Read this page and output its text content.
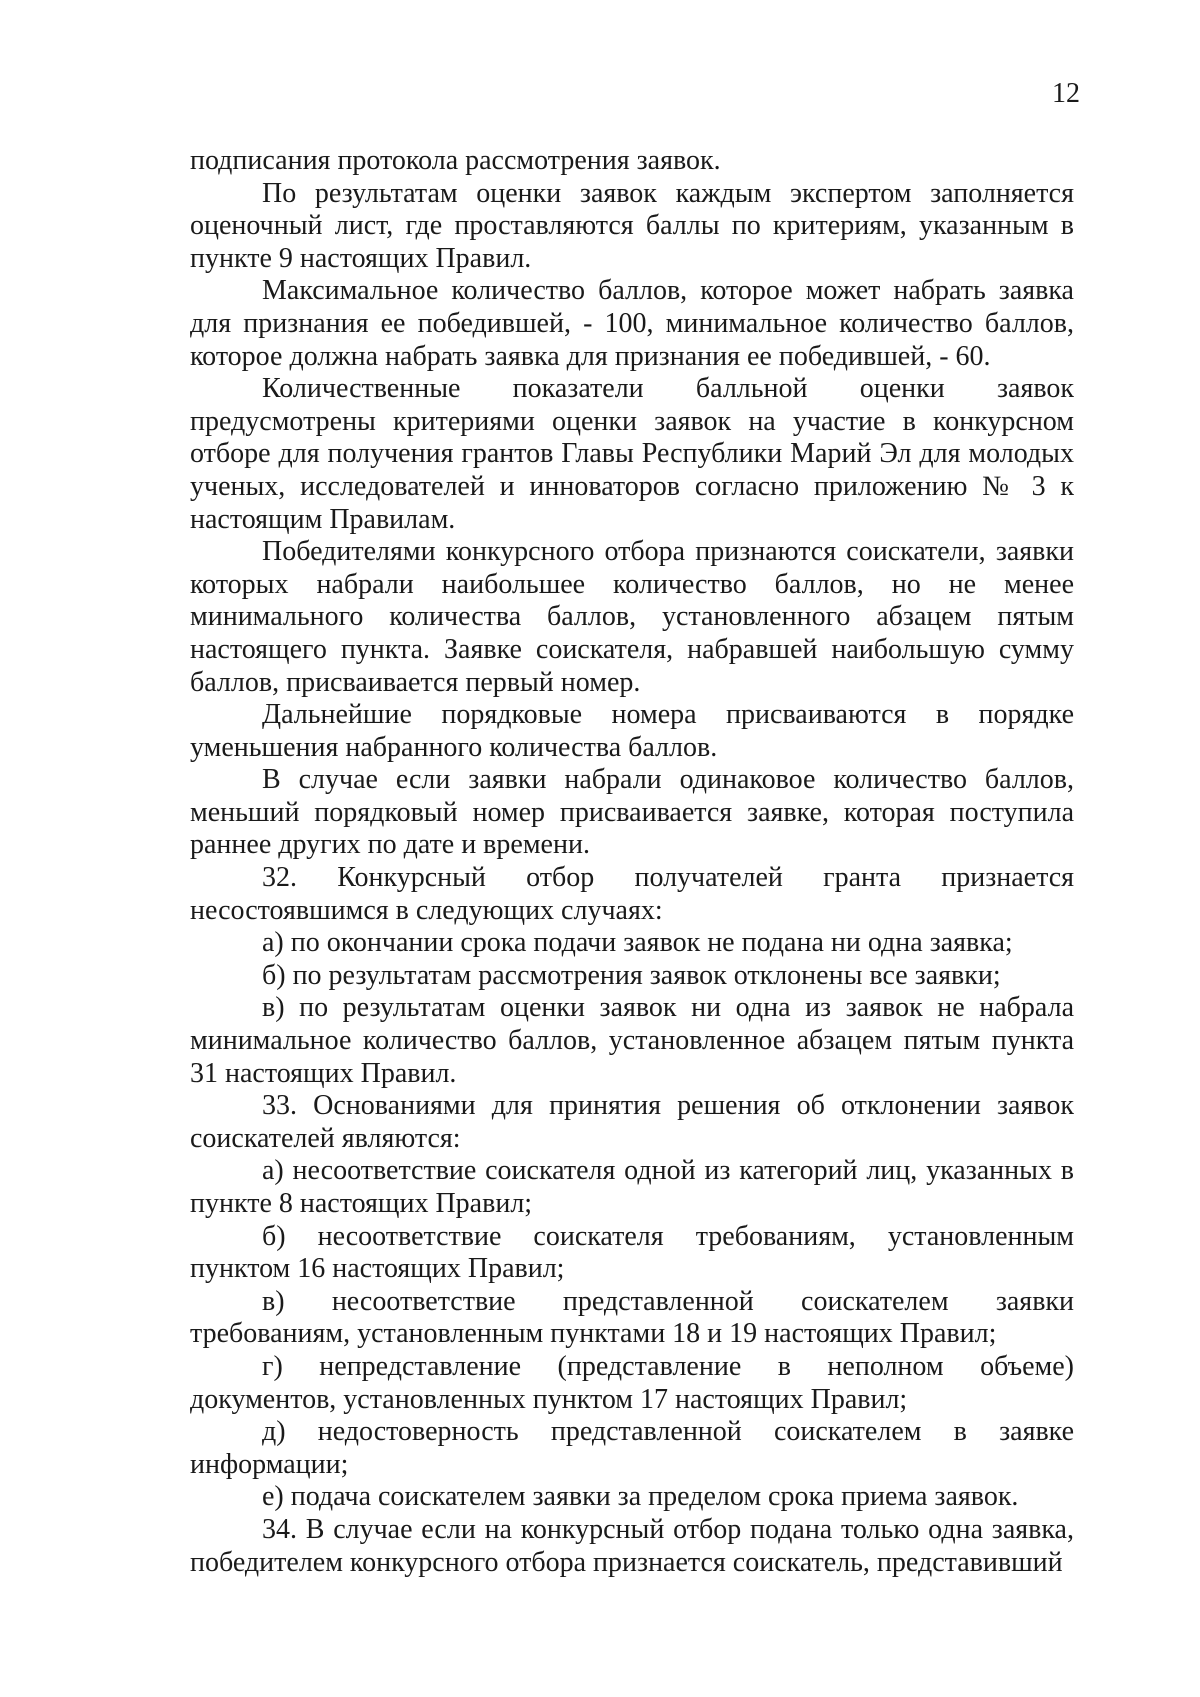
12

подписания протокола рассмотрения заявок.

По результатам оценки заявок каждым экспертом заполняется оценочный лист, где проставляются баллы по критериям, указанным в пункте 9 настоящих Правил.

Максимальное количество баллов, которое может набрать заявка для признания ее победившей, - 100, минимальное количество баллов, которое должна набрать заявка для признания ее победившей, - 60.

Количественные показатели балльной оценки заявок предусмотрены критериями оценки заявок на участие в конкурсном отборе для получения грантов Главы Республики Марий Эл для молодых ученых, исследователей и инноваторов согласно приложению № 3 к настоящим Правилам.

Победителями конкурсного отбора признаются соискатели, заявки которых набрали наибольшее количество баллов, но не менее минимального количества баллов, установленного абзацем пятым настоящего пункта. Заявке соискателя, набравшей наибольшую сумму баллов, присваивается первый номер.

Дальнейшие порядковые номера присваиваются в порядке уменьшения набранного количества баллов.

В случае если заявки набрали одинаковое количество баллов, меньший порядковый номер присваивается заявке, которая поступила раннее других по дате и времени.

32. Конкурсный отбор получателей гранта признается несостоявшимся в следующих случаях:

а) по окончании срока подачи заявок не подана ни одна заявка;

б) по результатам рассмотрения заявок отклонены все заявки;

в) по результатам оценки заявок ни одна из заявок не набрала минимальное количество баллов, установленное абзацем пятым пункта 31 настоящих Правил.

33. Основаниями для принятия решения об отклонении заявок соискателей являются:

а) несоответствие соискателя одной из категорий лиц, указанных в пункте 8 настоящих Правил;

б) несоответствие соискателя требованиям, установленным пунктом 16 настоящих Правил;

в) несоответствие представленной соискателем заявки требованиям, установленным пунктами 18 и 19 настоящих Правил;

г) непредставление (представление в неполном объеме) документов, установленных пунктом 17 настоящих Правил;

д) недостоверность представленной соискателем в заявке информации;

е) подача соискателем заявки за пределом срока приема заявок.

34. В случае если на конкурсный отбор подана только одна заявка, победителем конкурсного отбора признается соискатель, представивший
